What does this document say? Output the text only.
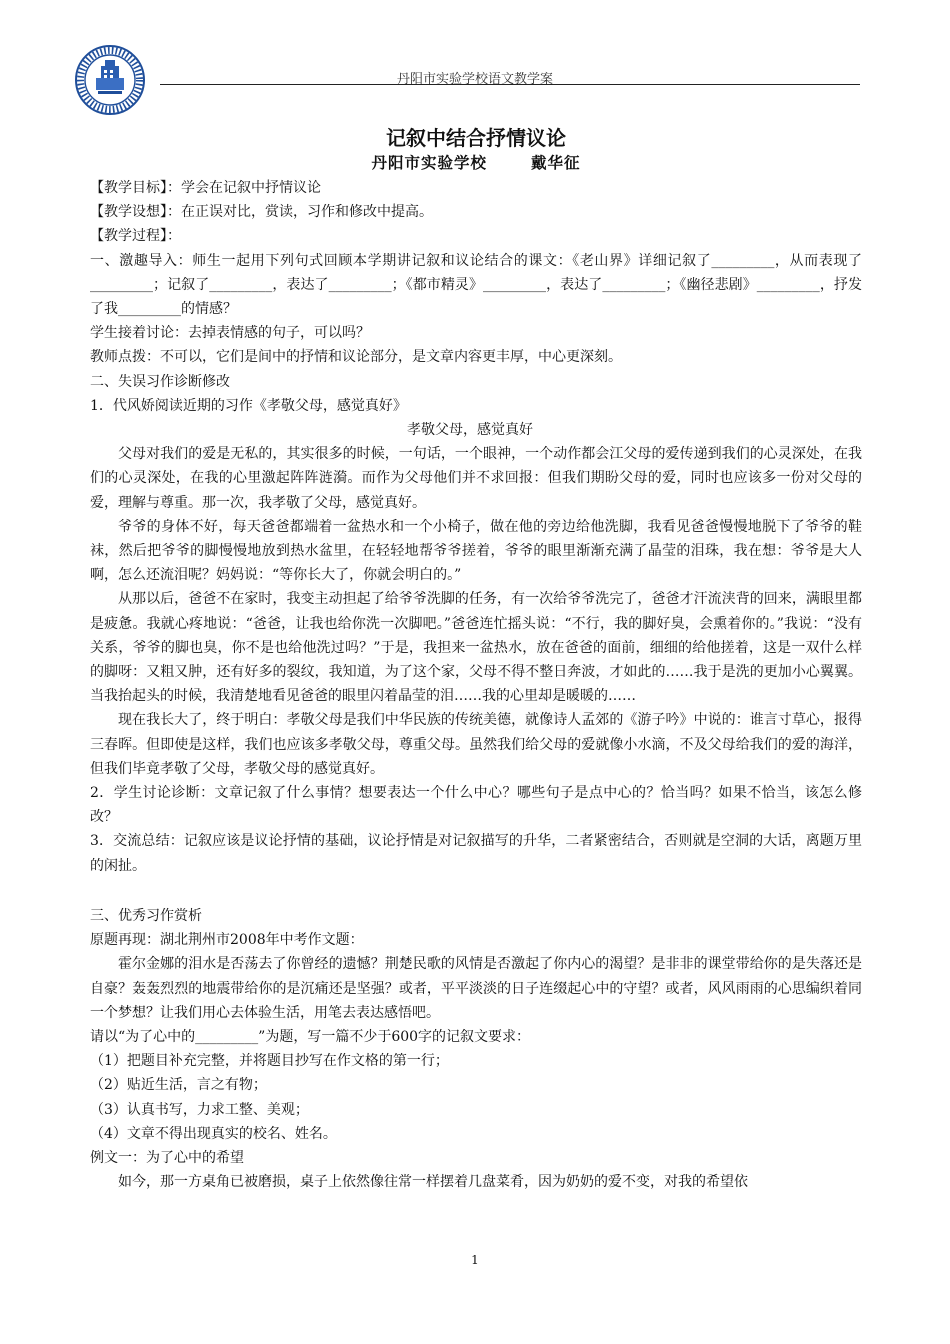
丹阳市实验学校语文教学案

记叙中结合抒情议论

丹阳市实验学校	戴华征

【教学目标】：学会在记叙中抒情议论

【教学设想】：在正误对比，赏读，习作和修改中提高。

【教学过程】：

一、激趣导入：师生一起用下列句式回顾本学期讲记叙和议论结合的课文：《老山界》详细记叙了_________，从而表现了_________；记叙了_________，表达了_________；《都市精灵》_________，表达了_________；《幽径悲剧》_________，抒发了我_________的情感？

学生接着讨论：去掉表情感的句子，可以吗？

教师点拨：不可以，它们是间中的抒情和议论部分，是文章内容更丰厚，中心更深刻。

二、失误习作诊断修改

1．代风娇阅读近期的习作《孝敬父母，感觉真好》

孝敬父母，感觉真好

父母对我们的爱是无私的，其实很多的时候，一句话，一个眼神，一个动作都会江父母的爱传递到我们的心灵深处，在我们的心灵深处，在我的心里激起阵阵涟漪。而作为父母他们并不求回报：但我们期盼父母的爱，同时也应该多一份对父母的爱，理解与尊重。那一次，我孝敬了父母，感觉真好。

爷爷的身体不好，每天爸爸都端着一盆热水和一个小椅子，做在他的旁边给他洗脚，我看见爸爸慢慢地脱下了爷爷的鞋袜，然后把爷爷的脚慢慢地放到热水盆里，在轻轻地帮爷爷搓着，爷爷的眼里渐渐充满了晶莹的泪珠，我在想：爷爷是大人啊，怎么还流泪呢？妈妈说：“等你长大了，你就会明白的。”

从那以后，爸爸不在家时，我变主动担起了给爷爷洗脚的任务，有一次给爷爷洗完了，爸爸才汗流浃背的回来，满眼里都是疲惫。我就心疼地说：“爸爸，让我也给你洗一次脚吧。”爸爸连忙摇头说：“不行，我的脚好臭，会熏着你的。”我说：“没有关系，爷爷的脚也臭，你不是也给他洗过吗？”于是，我担来一盆热水，放在爸爸的面前，细细的给他搓着，这是一双什么样的脚呀：又粗又肿，还有好多的裂纹，我知道，为了这个家，父母不得不整日奔波，才如此的……我于是洗的更加小心翼翼。当我抬起头的时候，我清楚地看见爸爸的眼里闪着晶莹的泪……我的心里却是暖暖的……

现在我长大了，终于明白：孝敬父母是我们中华民族的传统美德，就像诗人孟郊的《游子吟》中说的：谁言寸草心，报得三春晖。但即使是这样，我们也应该多孝敬父母，尊重父母。虽然我们给父母的爱就像小水滴，不及父母给我们的爱的海洋，但我们毕竟孝敬了父母，孝敬父母的感觉真好。

2．学生讨论诊断：文章记叙了什么事情？想要表达一个什么中心？哪些句子是点中心的？恰当吗？如果不恰当，该怎么修改？

3．交流总结：记叙应该是议论抒情的基础，议论抒情是对记叙描写的升华，二者紧密结合，否则就是空洞的大话，离题万里的闲扯。

三、优秀习作赏析

原题再现：湖北荆州市2008年中考作文题：

霍尔金娜的泪水是否荡去了你曾经的遗憾？荆楚民歌的风情是否激起了你内心的渴望？是非非的课堂带给你的是失落还是自豪？轰轰烈烈的地震带给你的是沉痛还是坚强？或者，平平淡淡的日子连缀起心中的守望？或者，风风雨雨的心思编织着同一个梦想？让我们用心去体验生活，用笔去表达感悟吧。

请以“为了心中的_________”为题，写一篇不少于600字的记叙文要求：

（1）把题目补充完整，并将题目抄写在作文格的第一行；

（2）贴近生活，言之有物；

（3）认真书写，力求工整、美观；

（4）文章不得出现真实的校名、姓名。

例文一：为了心中的希望

如今，那一方桌角已被磨损，桌子上依然像往常一样摆着几盘菜肴，因为奶奶的爱不变，对我的希望依

1
